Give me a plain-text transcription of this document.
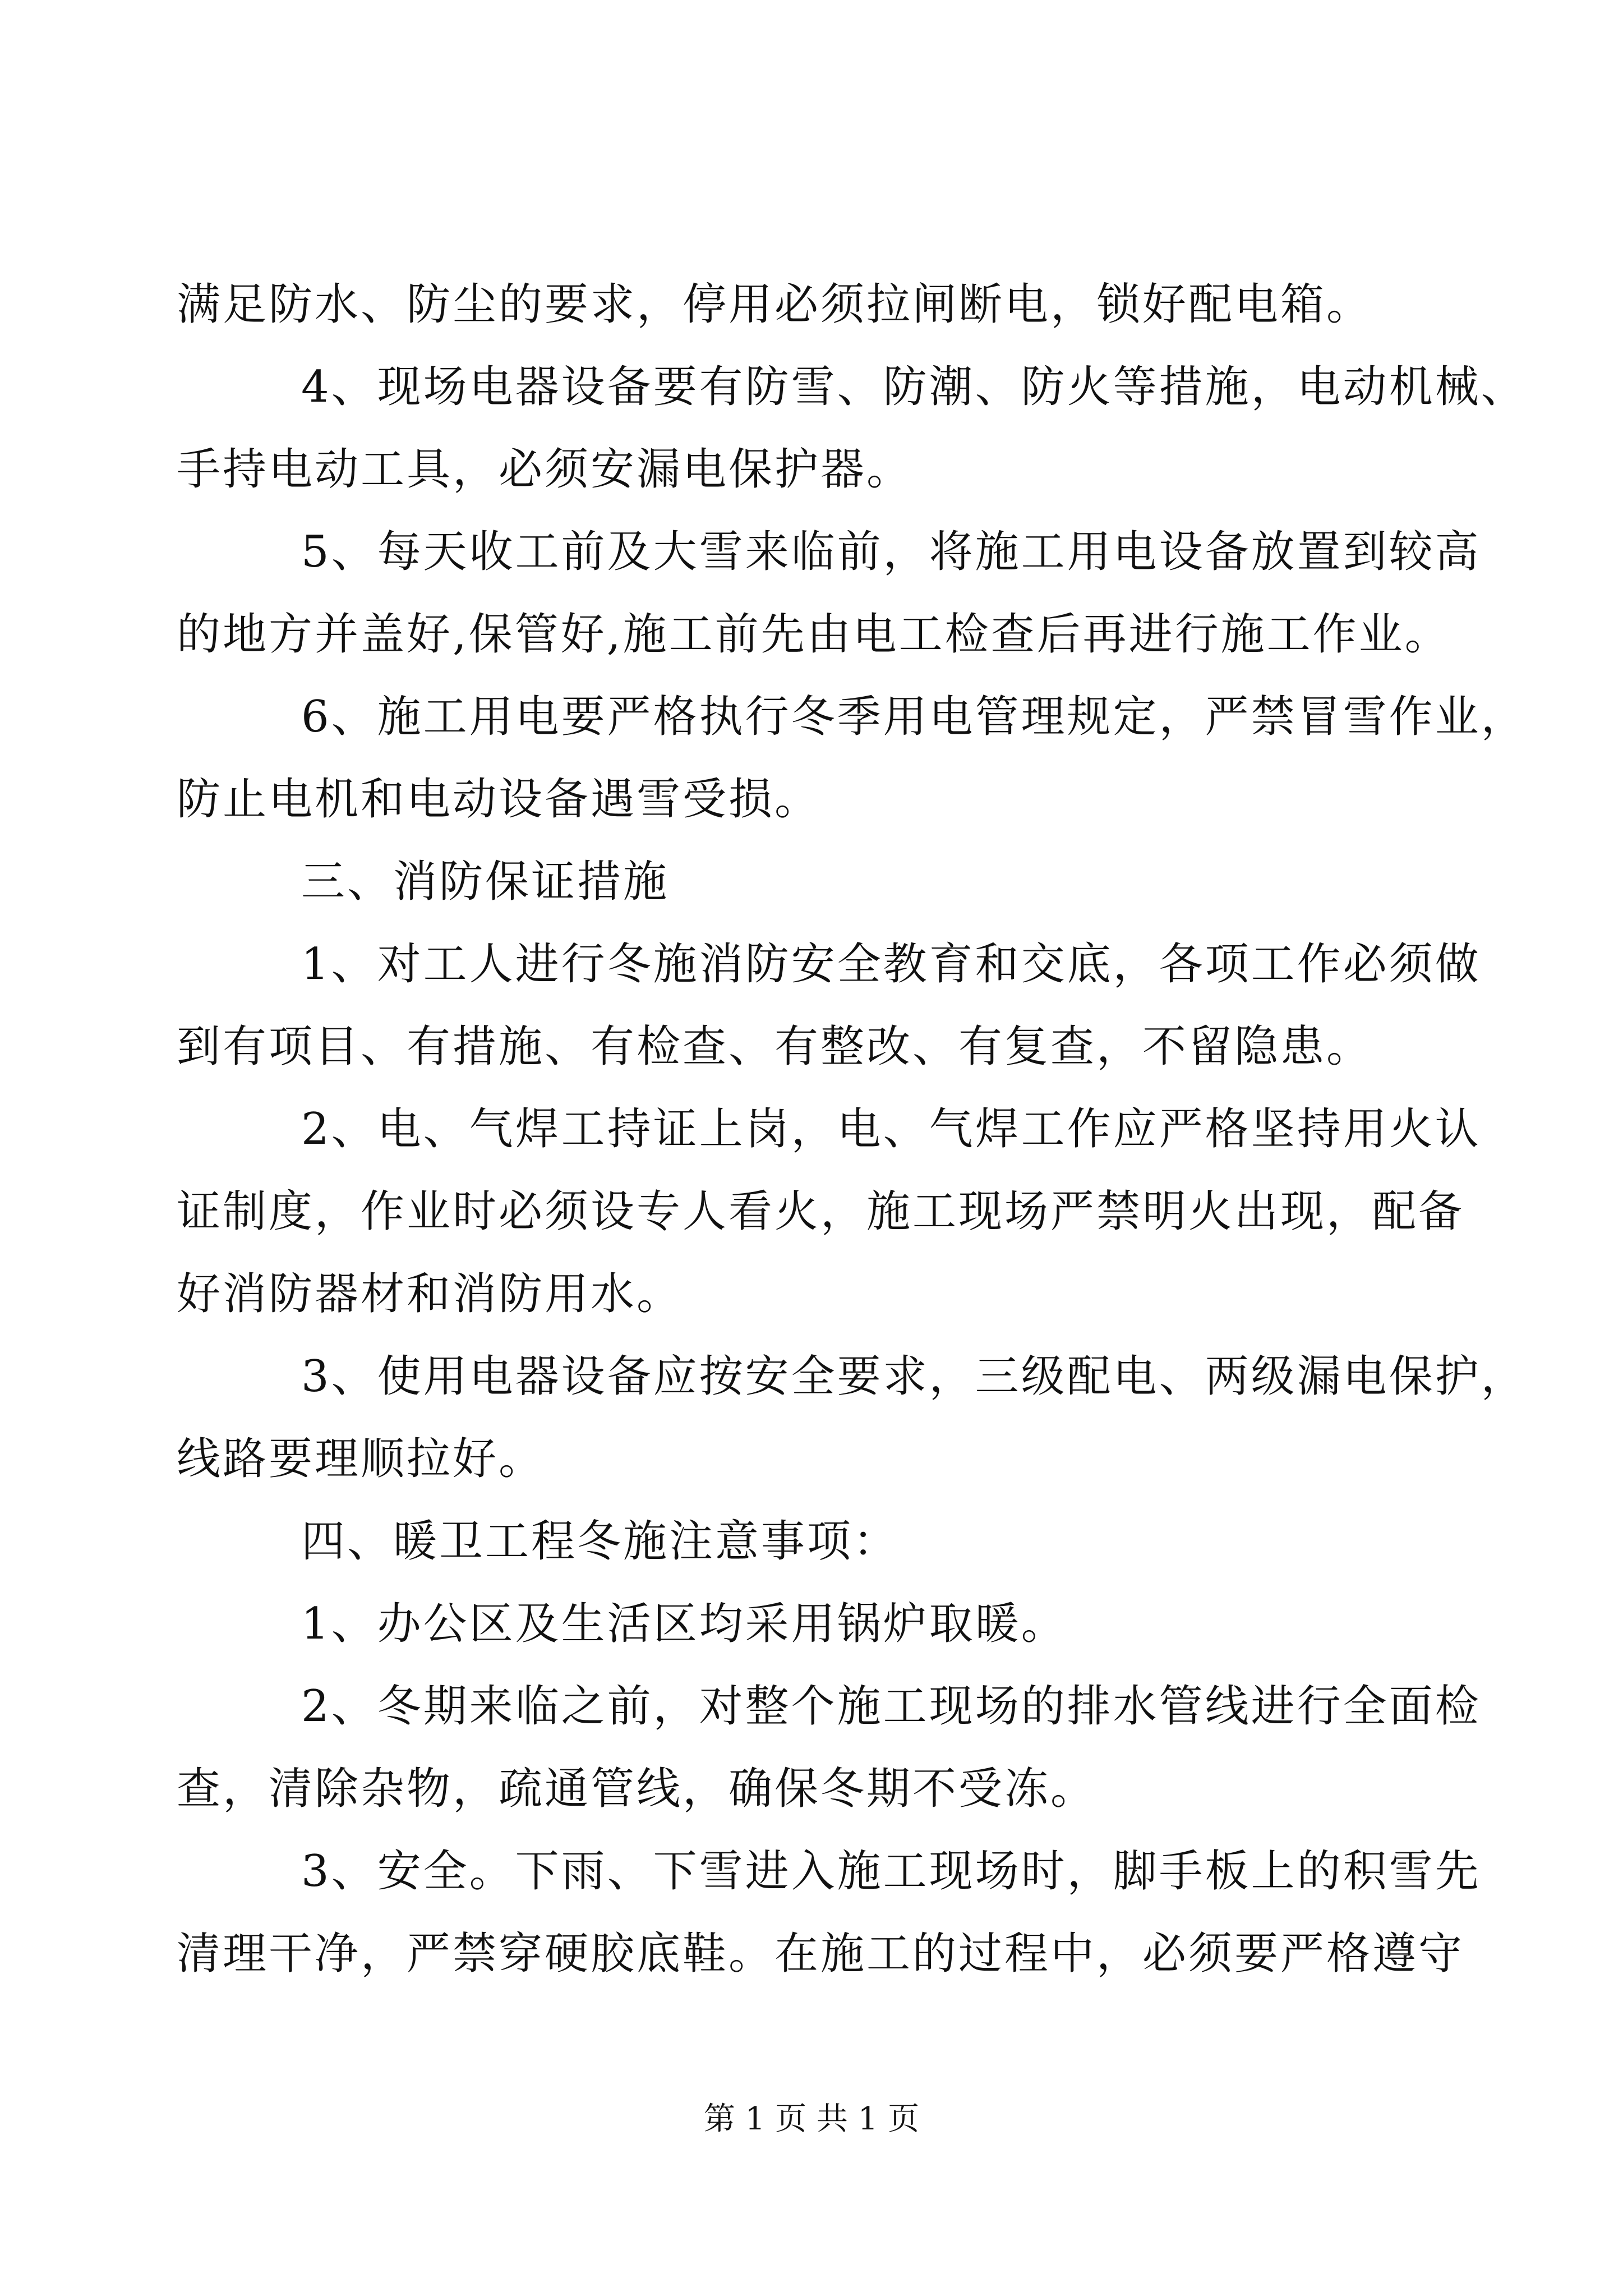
满足防水、防尘的要求，停用必须拉闸断电，锁好配电箱。
4、现场电器设备要有防雪、防潮、防火等措施，电动机械、
手持电动工具，必须安漏电保护器。
5、每天收工前及大雪来临前，将施工用电设备放置到较高
的地方并盖好,保管好,施工前先由电工检查后再进行施工作业。
6、施工用电要严格执行冬季用电管理规定，严禁冒雪作业，
防止电机和电动设备遇雪受损。
三、消防保证措施
1、对工人进行冬施消防安全教育和交底，各项工作必须做
到有项目、有措施、有检查、有整改、有复查，不留隐患。
2、电、气焊工持证上岗，电、气焊工作应严格坚持用火认
证制度，作业时必须设专人看火，施工现场严禁明火出现，配备
好消防器材和消防用水。
3、使用电器设备应按安全要求，三级配电、两级漏电保护，
线路要理顺拉好。
四、暖卫工程冬施注意事项：
1、办公区及生活区均采用锅炉取暖。
2、冬期来临之前，对整个施工现场的排水管线进行全面检
查，清除杂物，疏通管线，确保冬期不受冻。
3、安全。下雨、下雪进入施工现场时，脚手板上的积雪先
清理干净，严禁穿硬胶底鞋。在施工的过程中，必须要严格遵守
第 1 页 共 1 页
